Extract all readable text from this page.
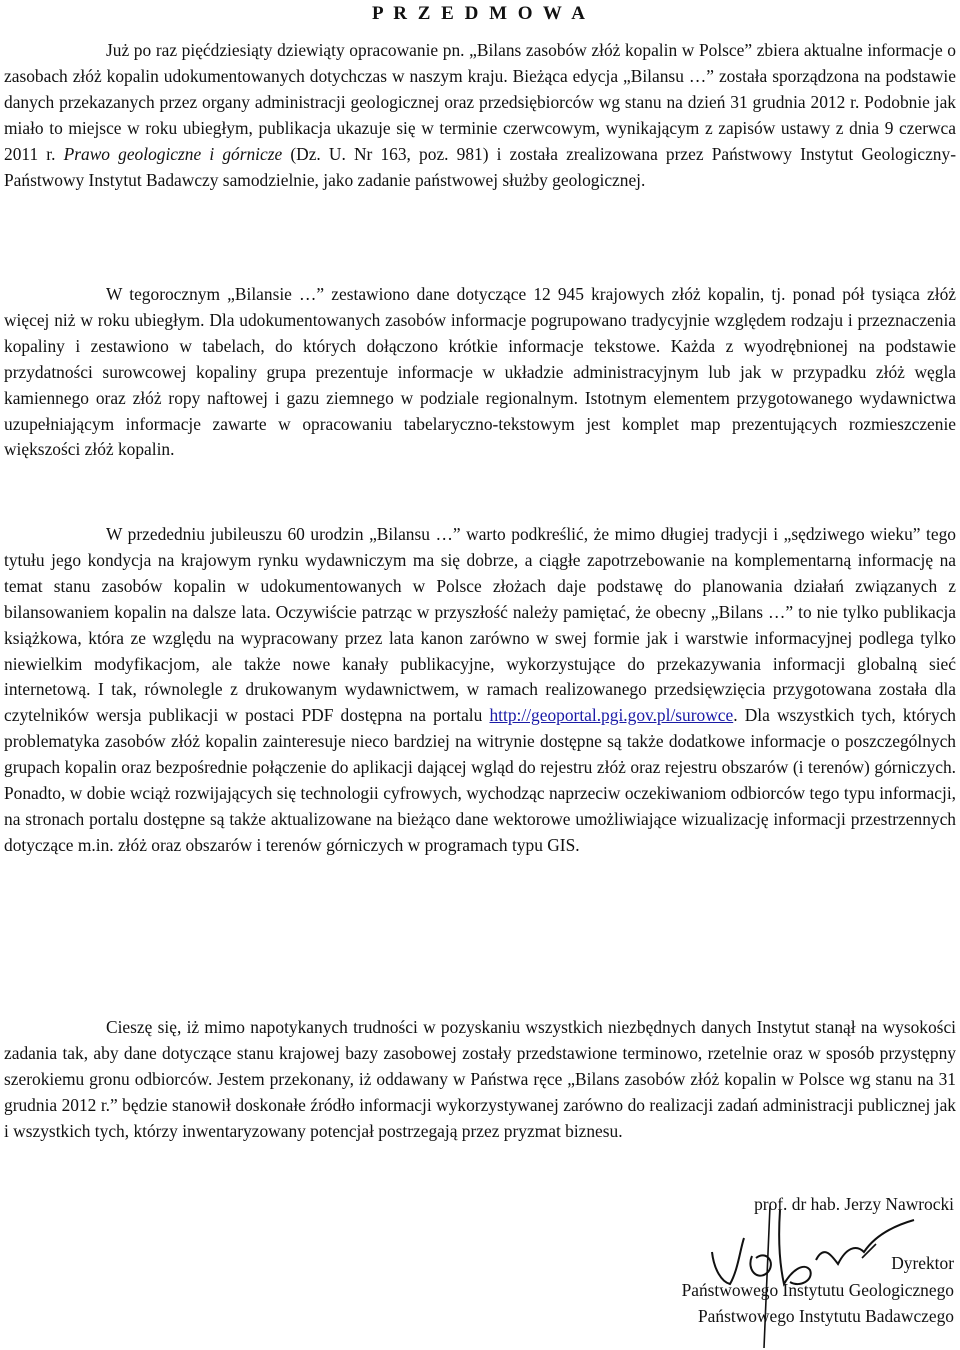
P R Z E D M O W A

Już po raz pięćdziesiąty dziewiąty opracowanie pn. „Bilans zasobów złóż kopalin w Polsce” zbiera aktualne informacje o zasobach złóż kopalin udokumentowanych dotychczas w naszym kraju. Bieżąca edycja „Bilansu …” została sporządzona na podstawie danych przekazanych przez organy administracji geologicznej oraz przedsiębiorców wg stanu na dzień 31 grudnia 2012 r. Podobnie jak miało to miejsce w roku ubiegłym, publikacja ukazuje się w terminie czerwcowym, wynikającym z zapisów ustawy z dnia 9 czerwca 2011 r. Prawo geologiczne i górnicze (Dz. U. Nr 163, poz. 981) i została zrealizowana przez Państwowy Instytut Geologiczny-Państwowy Instytut Badawczy samodzielnie, jako zadanie państwowej służby geologicznej.

W tegorocznym „Bilansie …” zestawiono dane dotyczące 12 945 krajowych złóż kopalin, tj. ponad pół tysiąca złóż więcej niż w roku ubiegłym. Dla udokumentowanych zasobów informacje pogrupowano tradycyjnie względem rodzaju i przeznaczenia kopaliny i zestawiono w tabelach, do których dołączono krótkie informacje tekstowe. Każda z wyodrębnionej na podstawie przydatności surowcowej kopaliny grupa prezentuje informacje w układzie administracyjnym lub jak w przypadku złóż węgla kamiennego oraz złóż ropy naftowej i gazu ziemnego w podziale regionalnym. Istotnym elementem przygotowanego wydawnictwa uzupełniającym informacje zawarte w opracowaniu tabelaryczno-tekstowym jest komplet map prezentujących rozmieszczenie większości złóż kopalin.

W przededniu jubileuszu 60 urodzin „Bilansu …” warto podkreślić, że mimo długiej tradycji i „sędziwego wieku” tego tytułu jego kondycja na krajowym rynku wydawniczym ma się dobrze, a ciągłe zapotrzebowanie na komplementarną informację na temat stanu zasobów kopalin w udokumentowanych w Polsce złożach daje podstawę do planowania działań związanych z bilansowaniem kopalin na dalsze lata. Oczywiście patrząc w przyszłość należy pamiętać, że obecny „Bilans …” to nie tylko publikacja książkowa, która ze względu na wypracowany przez lata kanon zarówno w swej formie jak i warstwie informacyjnej podlega tylko niewielkim modyfikacjom, ale także nowe kanały publikacyjne, wykorzystujące do przekazywania informacji globalną sieć internetową. I tak, równolegle z drukowanym wydawnictwem, w ramach realizowanego przedsięwzięcia przygotowana została dla czytelników wersja publikacji w postaci PDF dostępna na portalu http://geoportal.pgi.gov.pl/surowce. Dla wszystkich tych, których problematyka zasobów złóż kopalin zainteresuje nieco bardziej na witrynie dostępne są także dodatkowe informacje o poszczególnych grupach kopalin oraz bezpośrednie połączenie do aplikacji dającej wgląd do rejestru złóż oraz rejestru obszarów (i terenów) górniczych. Ponadto, w dobie wciąż rozwijających się technologii cyfrowych, wychodząc naprzeciw oczekiwaniom odbiorców tego typu informacji, na stronach portalu dostępne są także aktualizowane na bieżąco dane wektorowe umożliwiające wizualizację informacji przestrzennych dotyczące m.in. złóż oraz obszarów i terenów górniczych w programach typu GIS.

Cieszę się, iż mimo napotykanych trudności w pozyskaniu wszystkich niezbędnych danych Instytut stanął na wysokości zadania tak, aby dane dotyczące stanu krajowej bazy zasobowej zostały przedstawione terminowo, rzetelnie oraz w sposób przystępny szerokiemu gronu odbiorców. Jestem przekonany, iż oddawany w Państwa ręce „Bilans zasobów złóż kopalin w Polsce wg stanu na 31 grudnia 2012 r.” będzie stanowił doskonałe źródło informacji wykorzystywanej zarówno do realizacji zadań administracji publicznej jak i wszystkich tych, którzy inwentaryzowany potencjał postrzegają przez pryzmat biznesu.

prof. dr hab. Jerzy Nawrocki
Dyrektor
Państwowego Instytutu Geologicznego
Państwowego Instytutu Badawczego
